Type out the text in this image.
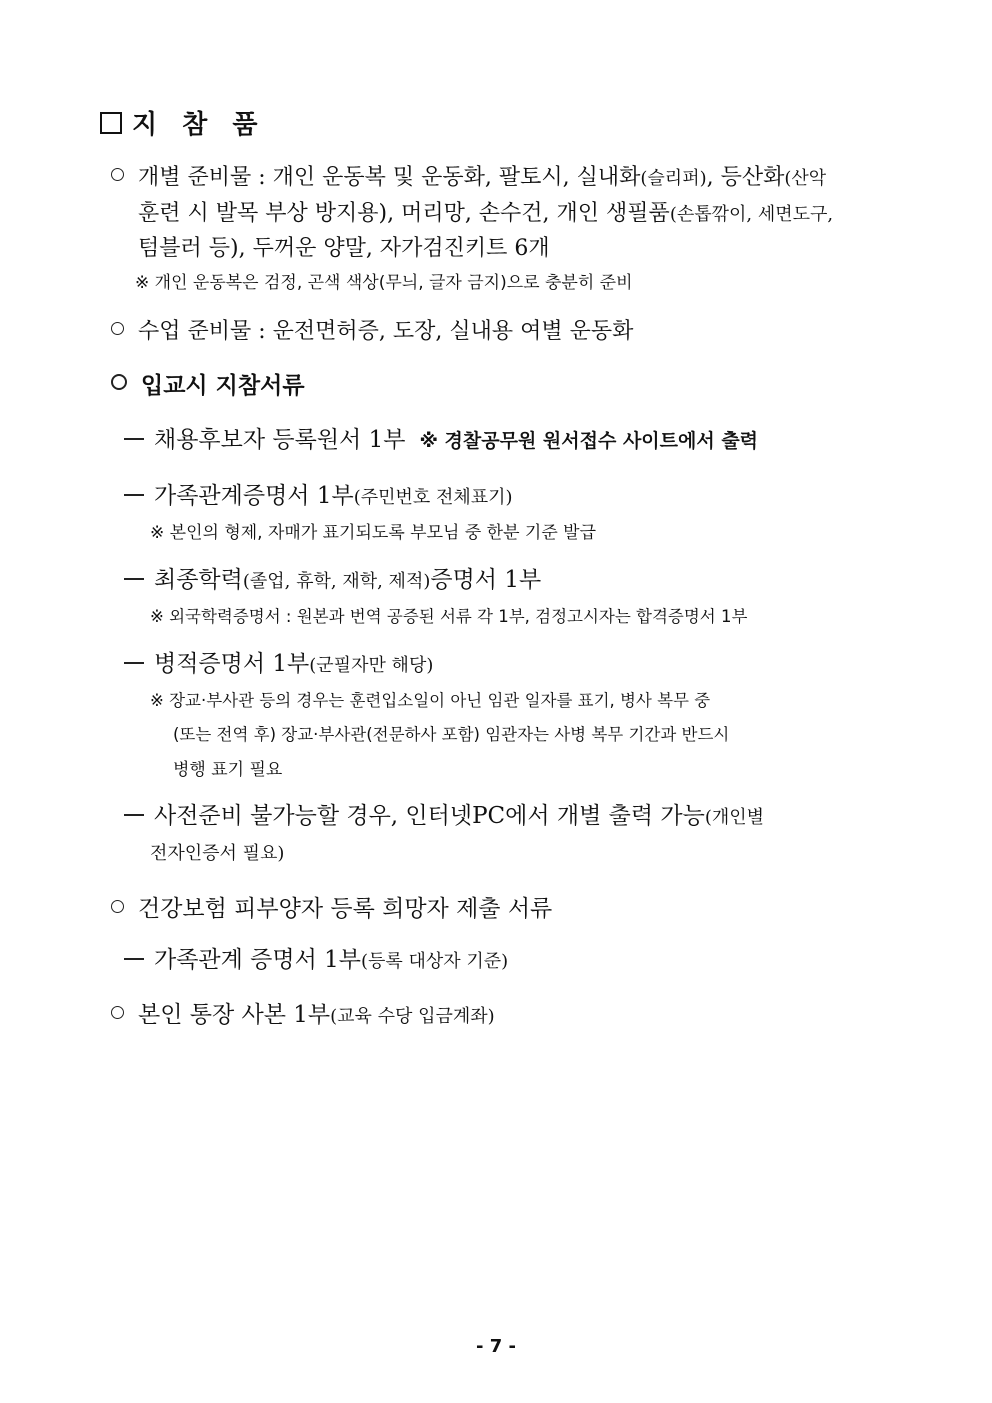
지 참 품
개별 준비물 : 개인 운동복 및 운동화, 팔토시, 실내화(슬리퍼), 등산화(산악
훈련 시 발목 부상 방지용), 머리망, 손수건, 개인 생필품(손톱깎이, 세면도구,
텀블러 등), 두꺼운 양말, 자가검진키트 6개
※ 개인 운동복은 검정, 곤색 색상(무늬, 글자 금지)으로 충분히 준비
수업 준비물 : 운전면허증, 도장, 실내용 여별 운동화
입교시 지참서류
채용후보자 등록원서 1부 ※ 경찰공무원 원서접수 사이트에서 출력
가족관계증명서 1부(주민번호 전체표기)
※ 본인의 형제, 자매가 표기되도록 부모님 중 한분 기준 발급
최종학력(졸업, 휴학, 재학, 제적)증명서 1부
※ 외국학력증명서 : 원본과 번역 공증된 서류 각 1부, 검정고시자는 합격증명서 1부
병적증명서 1부(군필자만 해당)
※ 장교·부사관 등의 경우는 훈련입소일이 아닌 임관 일자를 표기, 병사 복무 중
(또는 전역 후) 장교·부사관(전문하사 포함) 임관자는 사병 복무 기간과 반드시
병행 표기 필요
사전준비 불가능할 경우, 인터넷PC에서 개별 출력 가능(개인별
전자인증서 필요)
건강보험 피부양자 등록 희망자 제출 서류
가족관계 증명서 1부(등록 대상자 기준)
본인 통장 사본 1부(교육 수당 입금계좌)
- 7 -
